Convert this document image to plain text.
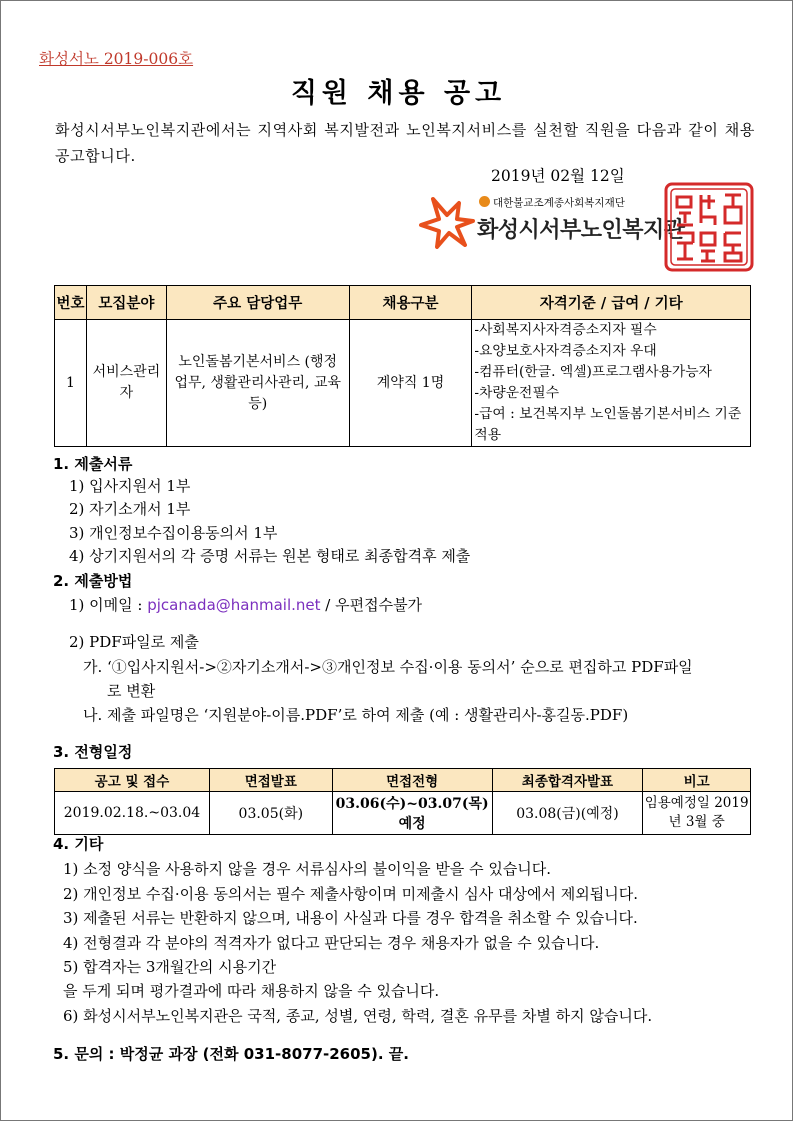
화성서노 2019-006호
직원 채용 공고
화성시서부노인복지관에서는 지역사회 복지발전과 노인복지서비스를 실천할 직원을 다음과 같이 채용 공고합니다.
2019년 02월 12일
대한불교조계종사회복지재단
화성시서부노인복지관
번호	모집분야	주요 담당업무	채용구분	자격기준 / 급여 / 기타
1	서비스관리자	노인돌봄기본서비스 (행정업무, 생활관리사관리, 교육 등)	계약직 1명	-사회복지사자격증소지자 필수
-요양보호사자격증소지자 우대
-컴퓨터(한글. 엑셀)프로그램사용가능자
-차량운전필수
-급여 : 보건복지부 노인돌봄기본서비스 기준적용
1. 제출서류
1) 입사지원서 1부
2) 자기소개서 1부
3) 개인정보수집이용동의서 1부
4) 상기지원서의 각 증명 서류는 원본 형태로 최종합격후 제출
2. 제출방법
1) 이메일 : pjcanada@hanmail.net / 우편접수불가
2) PDF파일로 제출
가. ‘①입사지원서->②자기소개서->③개인정보 수집·이용 동의서’ 순으로 편집하고 PDF파일
로 변환
나. 제출 파일명은 ‘지원분야-이름.PDF’로 하여 제출 (예 : 생활관리사-홍길동.PDF)
3. 전형일정
공고 및 접수	면접발표	면접전형	최종합격자발표	비고
2019.02.18.~03.04	03.05(화)	03.06(수)~03.07(목)예정	03.08(금)(예정)	임용예정일 2019년 3월 중
4. 기타
1) 소정 양식을 사용하지 않을 경우 서류심사의 불이익을 받을 수 있습니다.
2) 개인정보 수집·이용 동의서는 필수 제출사항이며 미제출시 심사 대상에서 제외됩니다.
3) 제출된 서류는 반환하지 않으며, 내용이 사실과 다를 경우 합격을 취소할 수 있습니다.
4) 전형결과 각 분야의 적격자가 없다고 판단되는 경우 채용자가 없을 수 있습니다.
5) 합격자는 3개월간의 시용기간
을 두게 되며 평가결과에 따라 채용하지 않을 수 있습니다.
6) 화성시서부노인복지관은 국적, 종교, 성별, 연령, 학력, 결혼 유무를 차별 하지 않습니다.
5. 문의 : 박정균 과장 (전화 031-8077-2605). 끝.
